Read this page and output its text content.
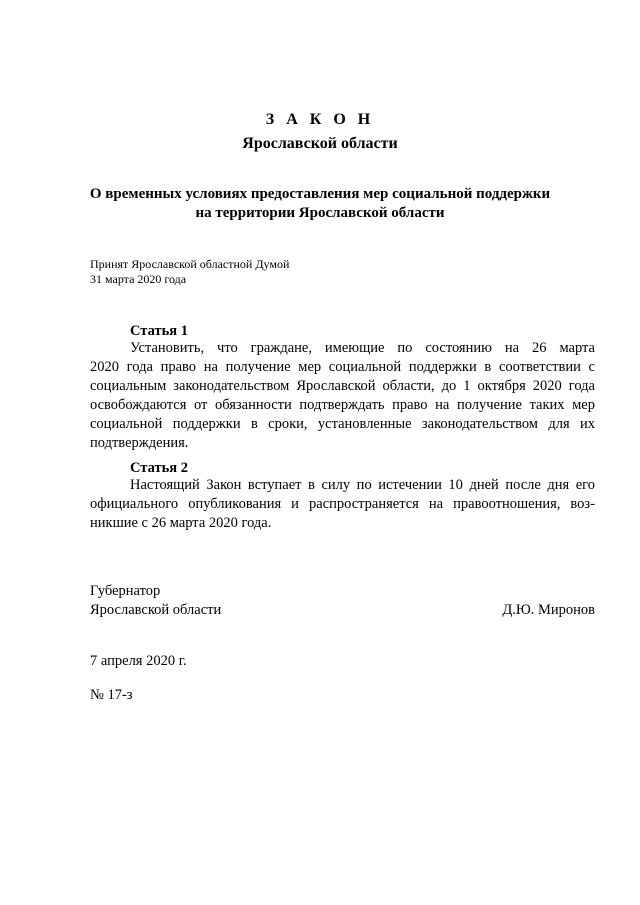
З А К О Н
Ярославской области
О временных условиях предоставления мер социальной поддержки
на территории Ярославской области
Принят Ярославской областной Думой
31 марта 2020 года
Статья 1
Установить, что граждане, имеющие по состоянию на 26 марта
2020 года право на получение мер социальной поддержки в соответствии с
социальным законодательством Ярославской области, до 1 октября 2020 года
освобождаются от обязанности подтверждать право на получение таких мер
социальной поддержки в сроки, установленные законодательством для их
подтверждения.
Статья 2
Настоящий Закон вступает в силу по истечении 10 дней после дня его
официального опубликования и распространяется на правоотношения, воз-
никшие с 26 марта 2020 года.
Губернатор
Ярославской области	Д.Ю. Миронов
7 апреля 2020 г.
№ 17-з
